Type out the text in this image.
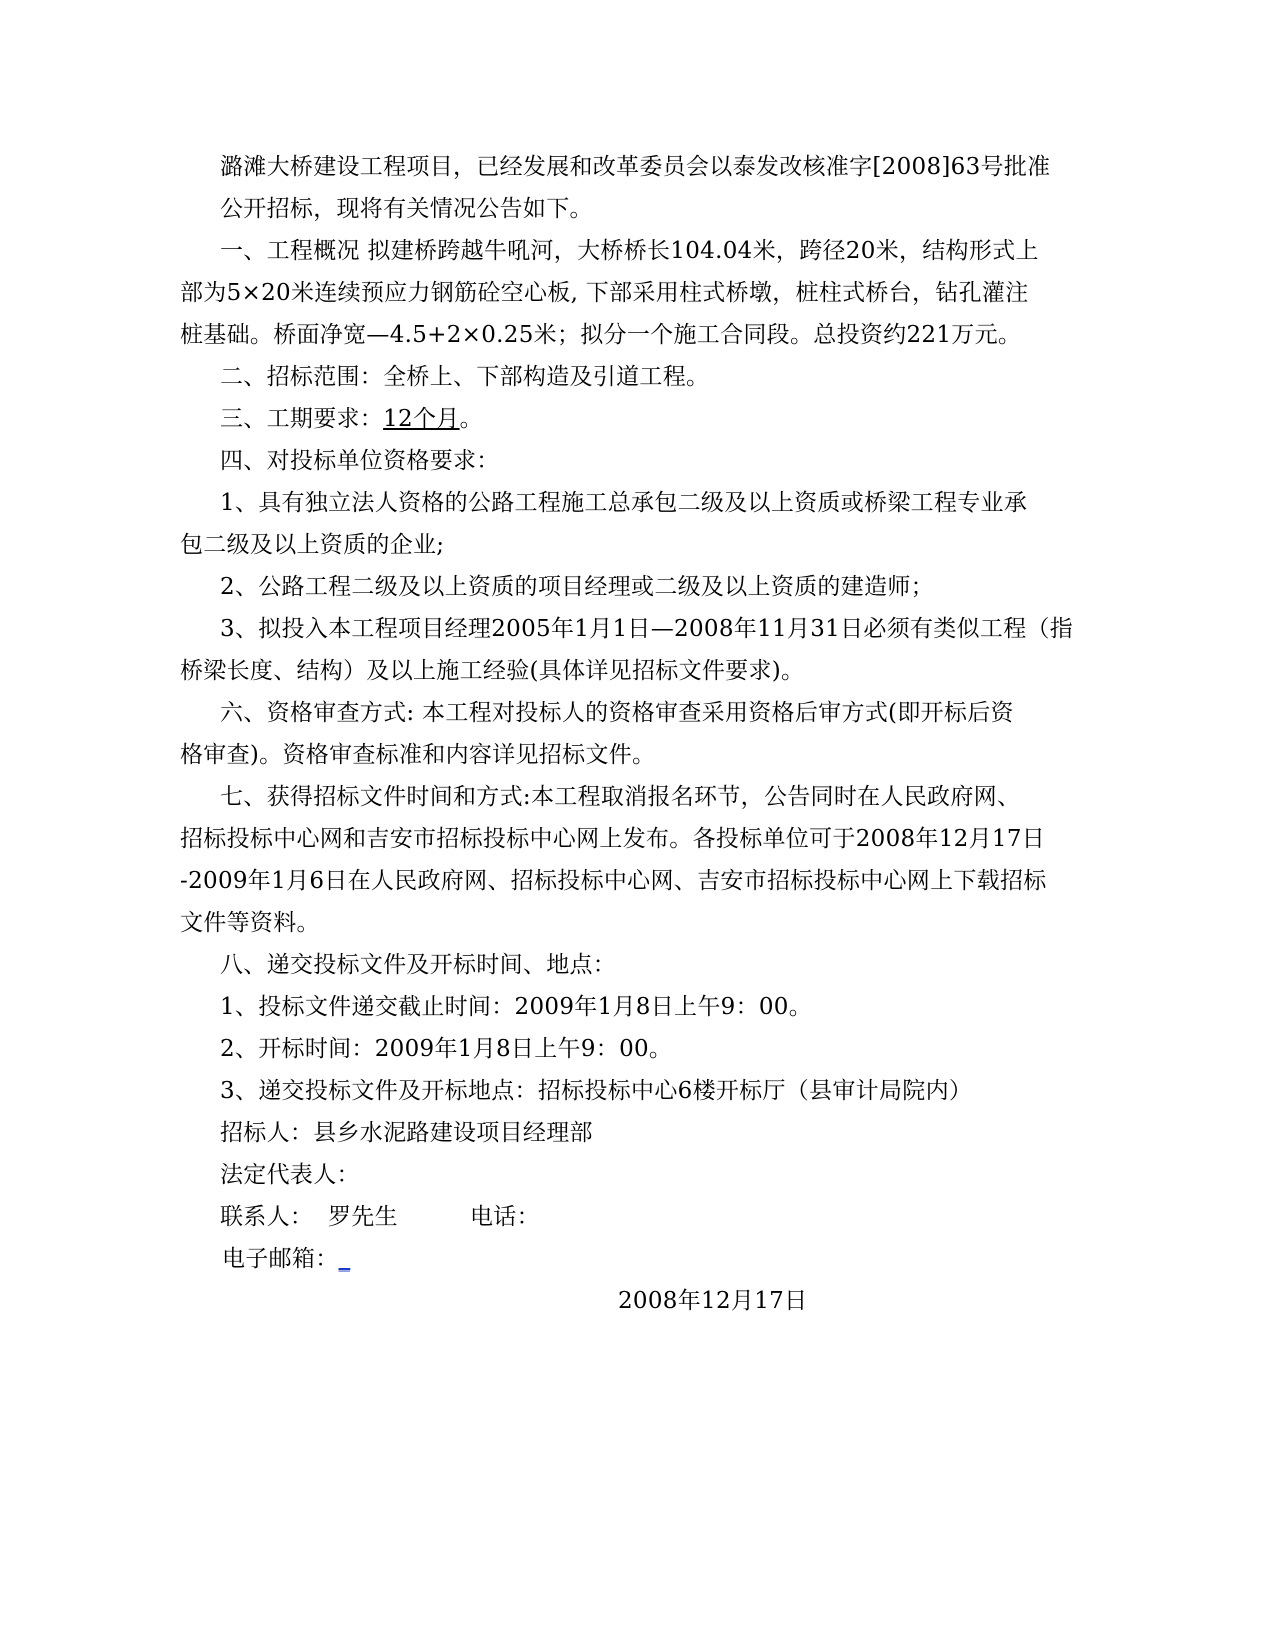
潞滩大桥建设工程项目，已经发展和改革委员会以泰发改核准字[2008]63号批准
公开招标，现将有关情况公告如下。
一、工程概况 拟建桥跨越牛吼河，大桥桥长104.04米，跨径20米，结构形式上
部为5×20米连续预应力钢筋砼空心板, 下部采用柱式桥墩，桩柱式桥台，钻孔灌注
桩基础。桥面净宽—4.5+2×0.25米；拟分一个施工合同段。总投资约221万元。
二、招标范围：全桥上、下部构造及引道工程。
三、工期要求：12个月。
四、对投标单位资格要求：
1、具有独立法人资格的公路工程施工总承包二级及以上资质或桥梁工程专业承
包二级及以上资质的企业;
2、公路工程二级及以上资质的项目经理或二级及以上资质的建造师；
3、拟投入本工程项目经理2005年1月1日—2008年11月31日必须有类似工程（指
桥梁长度、结构）及以上施工经验(具体详见招标文件要求)。
六、资格审查方式: 本工程对投标人的资格审查采用资格后审方式(即开标后资
格审查)。资格审查标准和内容详见招标文件。
七、获得招标文件时间和方式:本工程取消报名环节，公告同时在人民政府网、
招标投标中心网和吉安市招标投标中心网上发布。各投标单位可于2008年12月17日
-2009年1月6日在人民政府网、招标投标中心网、吉安市招标投标中心网上下载招标
文件等资料。
八、递交投标文件及开标时间、地点：
1、投标文件递交截止时间：2009年1月8日上午9：00。
2、开标时间：2009年1月8日上午9：00。
3、递交投标文件及开标地点：招标投标中心6楼开标厅（县审计局院内）
招标人：县乡水泥路建设项目经理部
法定代表人：
联系人： 罗先生	电话：
电子邮箱：_
2008年12月17日
